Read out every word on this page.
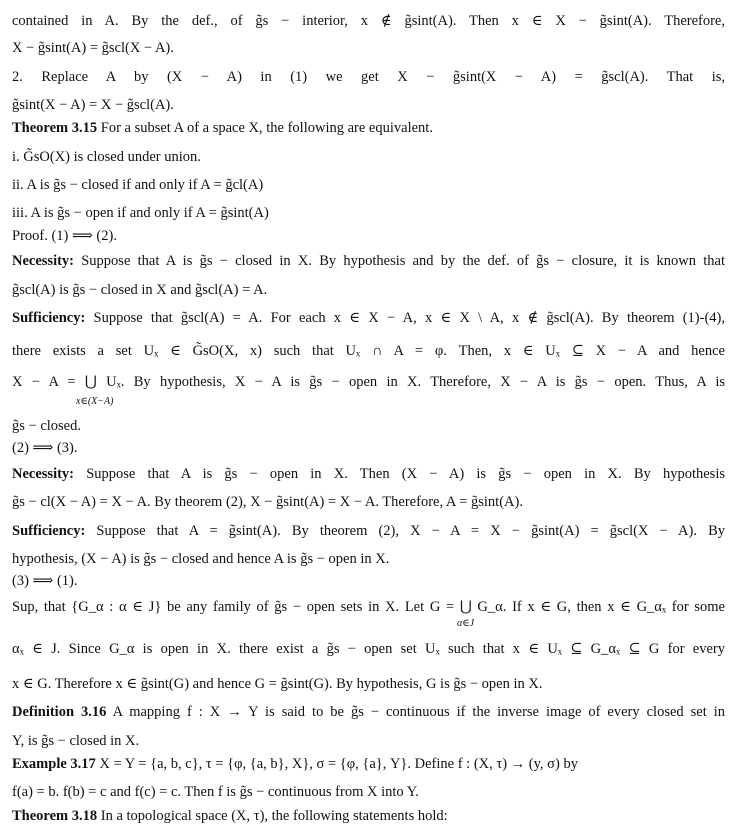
contained in A. By the def., of g̃s − interior, x ∉ g̃sint(A). Then x ∈ X − g̃sint(A). Therefore,
X − g̃sint(A) = g̃scl(X − A).
2. Replace A by (X − A) in (1) we get X − g̃sint(X − A) = g̃scl(A). That is,
g̃sint(X − A) = X − g̃scl(A).
Theorem 3.15 For a subset A of a space X, the following are equivalent.
i. G̃sO(X) is closed under union.
ii. A is g̃s − closed if and only if A = g̃cl(A)
iii. A is g̃s − open if and only if A = g̃sint(A)
Proof. (1) ⟹ (2).
Necessity: Suppose that A is g̃s − closed in X. By hypothesis and by the def. of g̃s − closure, it is known that
g̃scl(A) is g̃s − closed in X and g̃scl(A) = A.
Sufficiency: Suppose that g̃scl(A) = A. For each x ∈ X − A, x ∈ X \ A, x ∉ g̃scl(A). By theorem (1)-(4),
there exists a set Uₓ ∈ G̃sO(X, x) such that Uₓ ∩ A = φ. Then, x ∈ Uₓ ⊆ X − A and hence
X − A = ⋃ Uₓ. By hypothesis, X − A is g̃s − open in X. Therefore, X − A is g̃s − open. Thus, A is
x∈(X−A)
g̃s − closed.
(2) ⟹ (3).
Necessity: Suppose that A is g̃s − open in X. Then (X − A) is g̃s − open in X. By hypothesis
g̃s − cl(X − A) = X − A. By theorem (2), X − g̃sint(A) = X − A. Therefore, A = g̃sint(A).
Sufficiency: Suppose that A = g̃sint(A). By theorem (2), X − A = X − g̃sint(A) = g̃scl(X − A). By
hypothesis, (X − A) is g̃s − closed and hence A is g̃s − open in X.
(3) ⟹ (1).
Sup, that {G_α : α ∈ J} be any family of g̃s − open sets in X. Let G = ⋃ G_α. If x ∈ G, then x ∈ G_αₓ for some
α∈J
αₓ ∈ J. Since G_α is open in X. there exist a g̃s − open set Uₓ such that x ∈ Uₓ ⊆ G_αₓ ⊆ G for every
x ∈ G. Therefore x ∈ g̃sint(G) and hence G = g̃sint(G). By hypothesis, G is g̃s − open in X.
Definition 3.16 A mapping f : X → Y is said to be g̃s − continuous if the inverse image of every closed set in
Y, is g̃s − closed in X.
Example 3.17 X = Y = {a, b, c}, τ = {φ, {a, b}, X}, σ = {φ, {a}, Y}. Define f : (X, τ) → (y, σ) by
f(a) = b. f(b) = c and f(c) = c. Then f is g̃s − continuous from X into Y.
Theorem 3.18 In a topological space (X, τ), the following statements hold:
